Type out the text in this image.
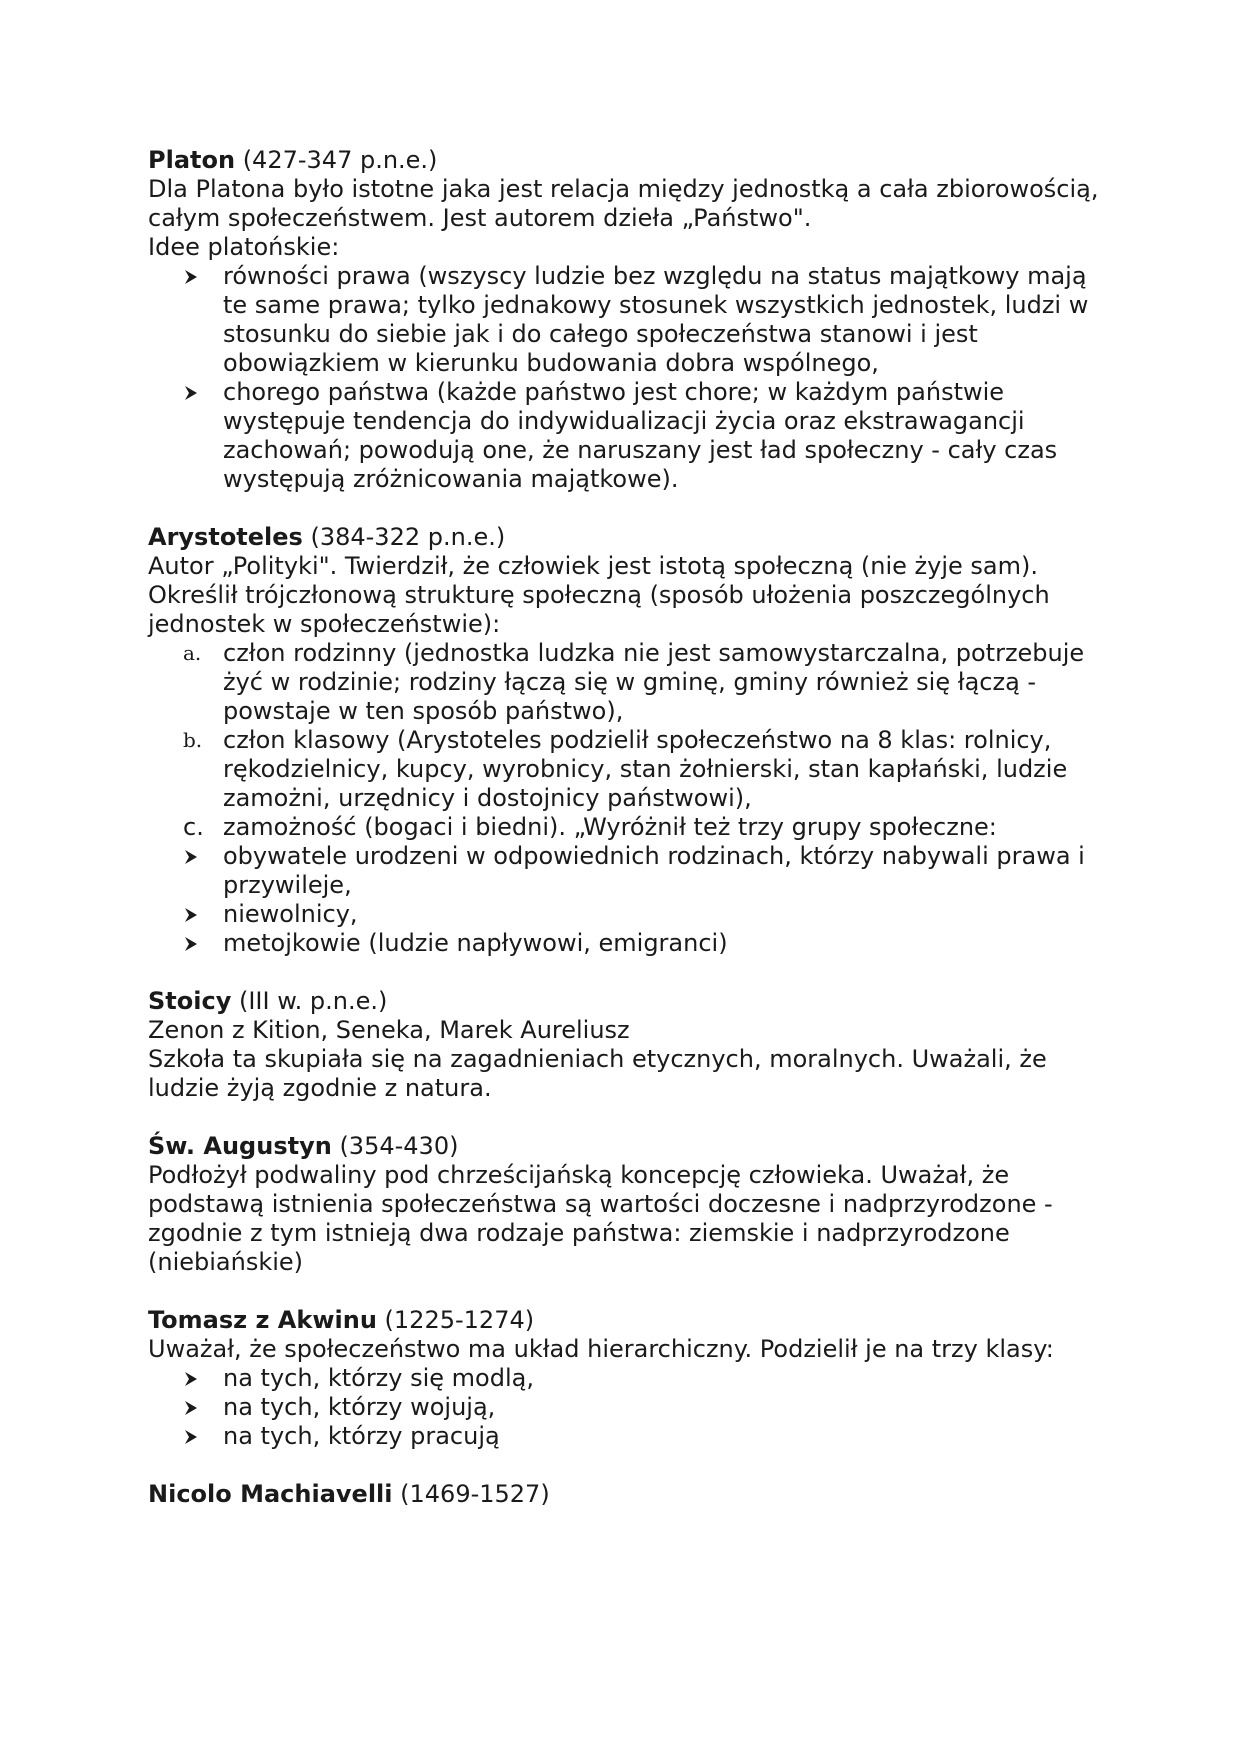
Platon (427-347 p.n.e.)

Dla Platona było istotne jaka jest relacja między jednostką a cała zbiorowością, całym społeczeństwem. Jest autorem dzieła „Państwo".

Idee platońskie:

równości prawa (wszyscy ludzie bez względu na status majątkowy mają te same prawa; tylko jednakowy stosunek wszystkich jednostek, ludzi w stosunku do siebie jak i do całego społeczeństwa stanowi i jest obowiązkiem w kierunku budowania dobra wspólnego,
chorego państwa (każde państwo jest chore; w każdym państwie występuje tendencja do indywidualizacji życia oraz ekstrawagancji zachowań; powodują one, że naruszany jest ład społeczny - cały czas występują zróżnicowania majątkowe).

Arystoteles (384-322 p.n.e.)

Autor „Polityki". Twierdził, że człowiek jest istotą społeczną (nie żyje sam). Określił trójczłonową strukturę społeczną (sposób ułożenia poszczególnych jednostek w społeczeństwie):

a. człon rodzinny (jednostka ludzka nie jest samowystarczalna, potrzebuje żyć w rodzinie; rodziny łączą się w gminę, gminy również się łączą - powstaje w ten sposób państwo),
b. człon klasowy (Arystoteles podzielił społeczeństwo na 8 klas: rolnicy, rękodzielnicy, kupcy, wyrobnicy, stan żołnierski, stan kapłański, ludzie zamożni, urzędnicy i dostojnicy państwowi),
c. zamożność (bogaci i biedni). „Wyróżnił też trzy grupy społeczne:
obywatele urodzeni w odpowiednich rodzinach, którzy nabywali prawa i przywileje,
niewolnicy,
metojkowie (ludzie napływowi, emigranci)

Stoicy (III w. p.n.e.)

Zenon z Kition, Seneka, Marek Aureliusz

Szkoła ta skupiała się na zagadnieniach etycznych, moralnych. Uważali, że ludzie żyją zgodnie z natura.

Św. Augustyn (354-430)

Podłożył podwaliny pod chrześcijańską koncepcję człowieka. Uważał, że podstawą istnienia społeczeństwa są wartości doczesne i nadprzyrodzone - zgodnie z tym istnieją dwa rodzaje państwa: ziemskie i nadprzyrodzone (niebiańskie)

Tomasz z Akwinu (1225-1274)

Uważał, że społeczeństwo ma układ hierarchiczny. Podzielił je na trzy klasy:

na tych, którzy się modlą,
na tych, którzy wojują,
na tych, którzy pracują

Nicolo Machiavelli (1469-1527)
